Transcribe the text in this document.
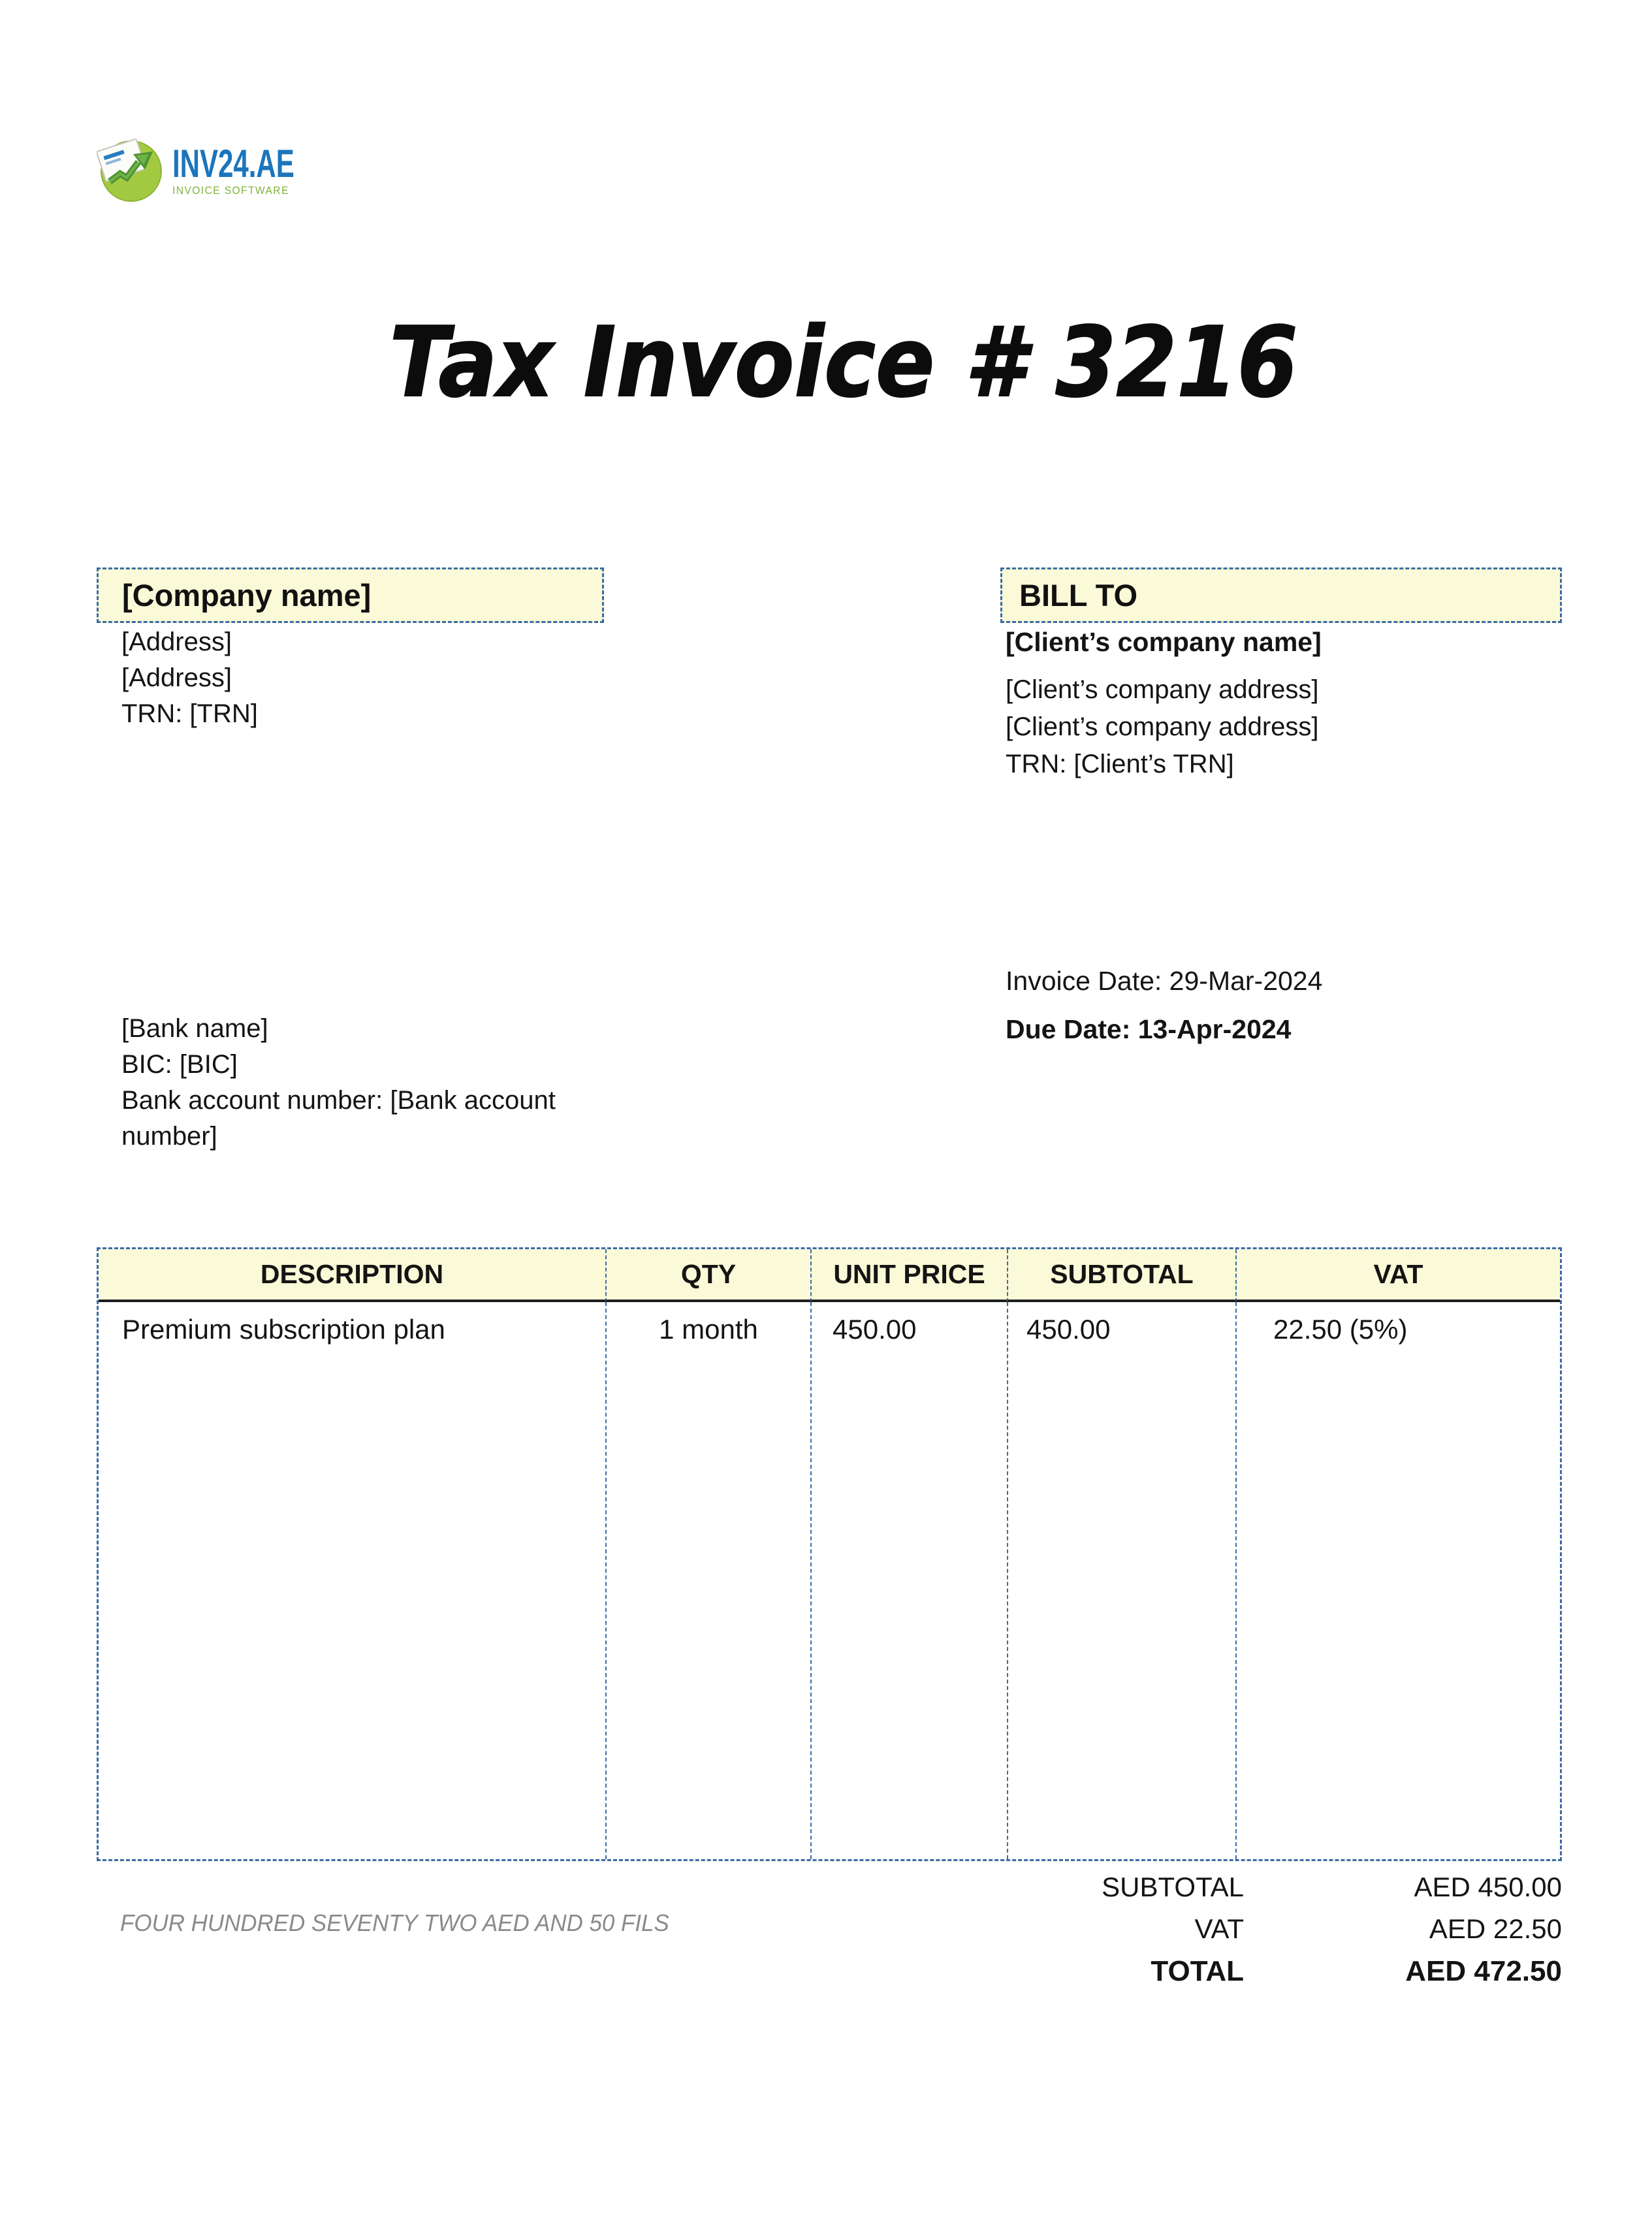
INV24.AE
INVOICE SOFTWARE
Tax Invoice # 3216
[Company name]
[Address]
[Address]
TRN: [TRN]
BILL TO
[Client’s company name]
[Client’s company address]
[Client’s company address]
TRN: [Client’s TRN]
Invoice Date: 29-Mar-2024
Due Date: 13-Apr-2024
[Bank name]
BIC: [BIC]
Bank account number: [Bank account number]
DESCRIPTION	QTY	UNIT PRICE	SUBTOTAL	VAT
Premium subscription plan	1 month	450.00	450.00	22.50 (5%)
SUBTOTAL	AED 450.00
VAT	AED 22.50
TOTAL	AED 472.50
FOUR HUNDRED SEVENTY TWO AED AND 50 FILS
